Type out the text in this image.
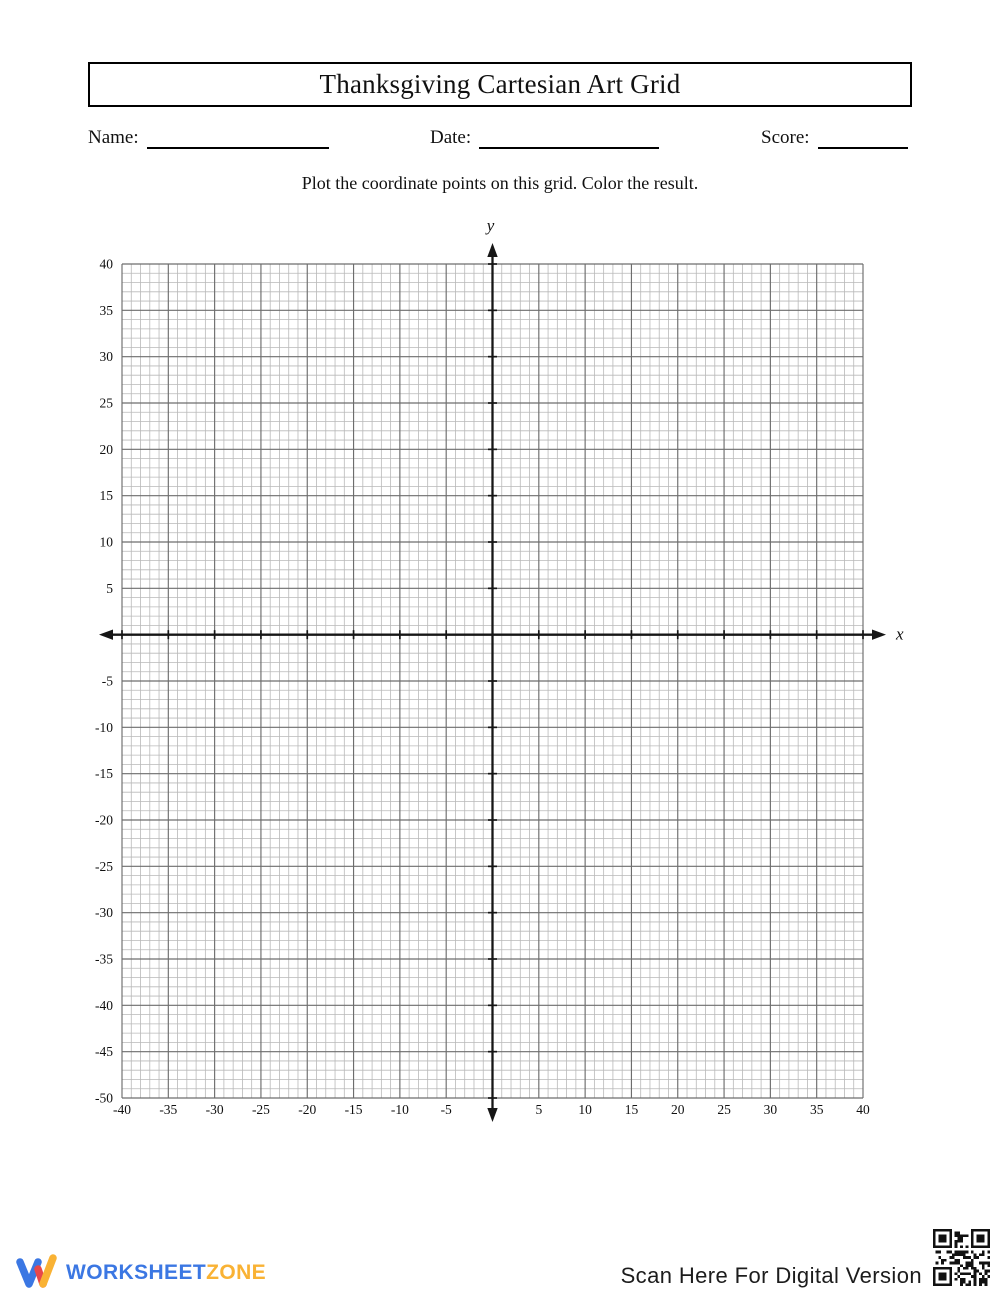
Thanksgiving Cartesian Art Grid
Name:	Date:	Score:

Plot the coordinate points on this grid. Color the result.

-40 -35 -30 -25 -20 -15 -10 -5	5	10 15 20 25 30 35 40
40
35
30
25
20
15
10
5
-5
-10
-15
-20
-25
-30
-35
-40
-45
-50
x
y
WORKSHEETZONE	Scan Here For Digital Version
